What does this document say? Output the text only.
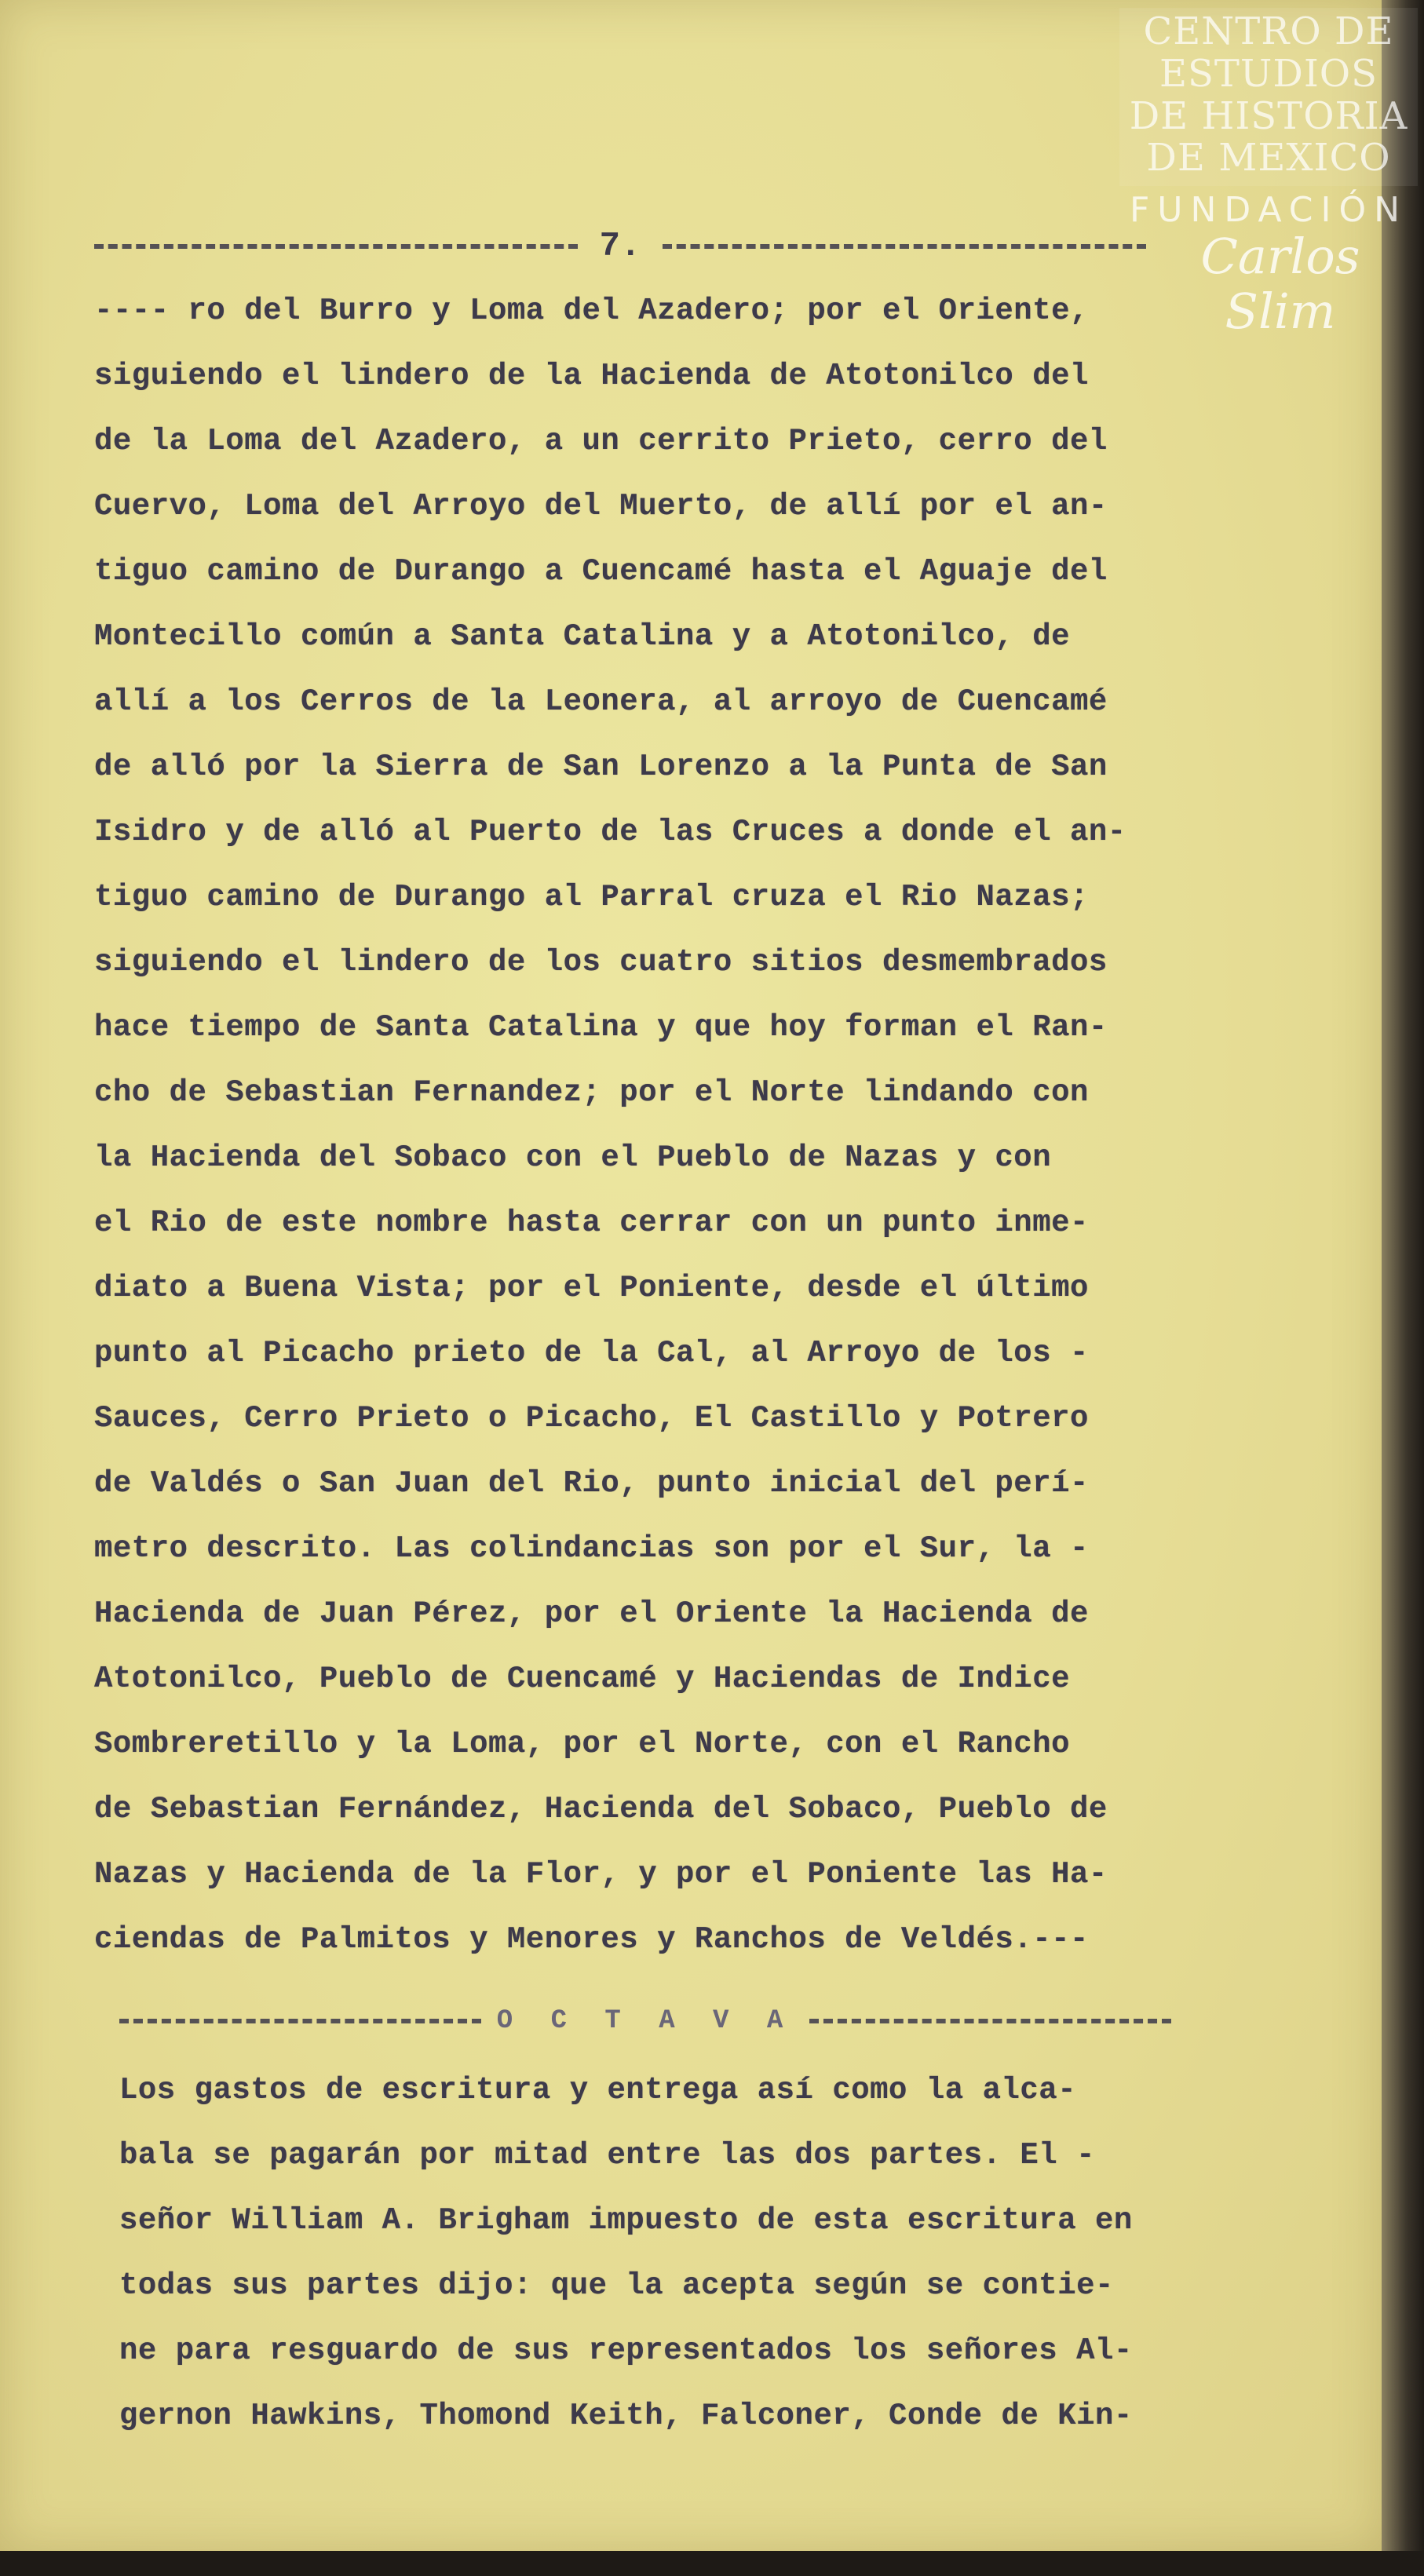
7.
---- ro del Burro y Loma del Azadero; por el Oriente,
siguiendo el lindero de la Hacienda de Atotonilco del
de la Loma del Azadero, a un cerrito Prieto, cerro del
Cuervo, Loma del Arroyo del Muerto, de allí por el an-
tiguo camino de Durango a Cuencamé hasta el Aguaje del
Montecillo común a Santa Catalina y a Atotonilco, de
allí a los Cerros de la Leonera, al arroyo de Cuencamé
de alló por la Sierra de San Lorenzo a la Punta de San
Isidro y de alló al Puerto de las Cruces a donde el an-
tiguo camino de Durango al Parral cruza el Rio Nazas;
siguiendo el lindero de los cuatro sitios desmembrados
hace tiempo de Santa Catalina y que hoy forman el Ran-
cho de Sebastian Fernandez; por el Norte lindando con
la Hacienda del Sobaco con el Pueblo de Nazas y con
el Rio de este nombre hasta cerrar con un punto inme-
diato a Buena Vista; por el Poniente, desde el último
punto al Picacho prieto de la Cal, al Arroyo de los -
Sauces, Cerro Prieto o Picacho, El Castillo y Potrero
de Valdés o San Juan del Rio, punto inicial del perí-
metro descrito. Las colindancias son por el Sur, la -
Hacienda de Juan Pérez, por el Oriente la Hacienda de
Atotonilco, Pueblo de Cuencamé y Haciendas de Indice
Sombreretillo y la Loma, por el Norte, con el Rancho
de Sebastian Fernández, Hacienda del Sobaco, Pueblo de
Nazas y Hacienda de la Flor, y por el Poniente las Ha-
ciendas de Palmitos y Menores y Ranchos de Veldés.---
O C T A V A
Los gastos de escritura y entrega así como la alca-
bala se pagarán por mitad entre las dos partes. El -
señor William A. Brigham impuesto de esta escritura en
todas sus partes dijo: que la acepta según se contie-
ne para resguardo de sus representados los señores Al-
gernon Hawkins, Thomond Keith, Falconer, Conde de Kin-
CENTRO DE
ESTUDIOS
DE HISTORIA
DE MEXICO
FUNDACIÓN
Carlos Slim
